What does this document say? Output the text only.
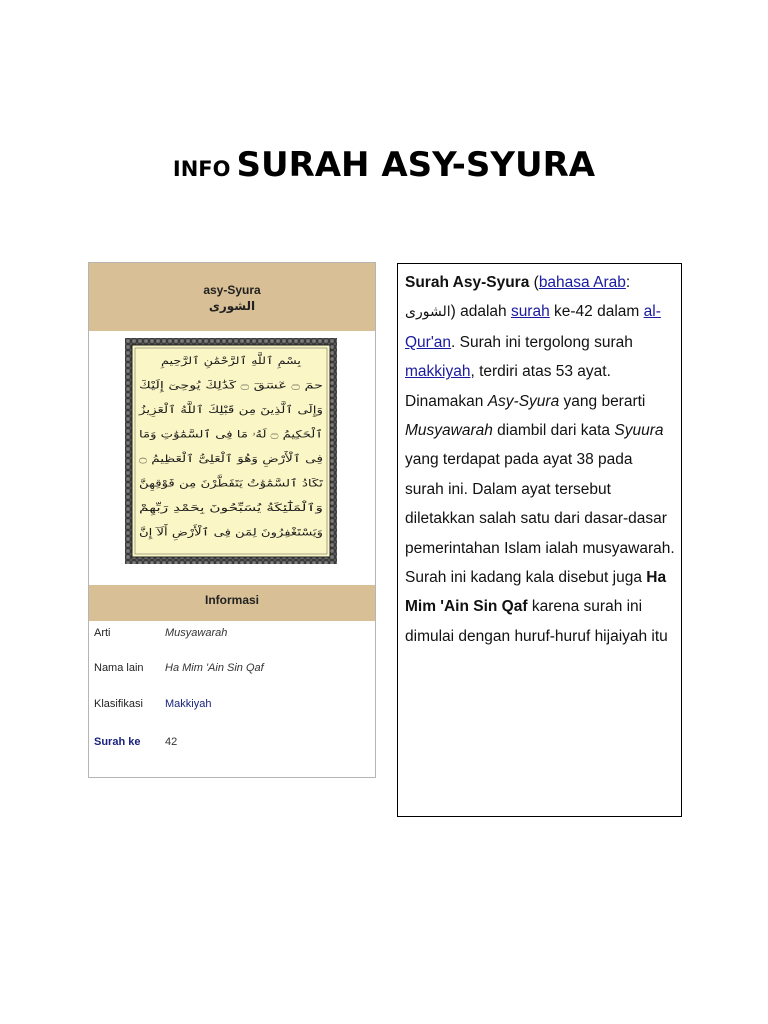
INFO SURAH ASY-SYURA
asy-Syura
الشورى
بِسْمِ ٱللَّهِ ٱلرَّحْمَٰنِ ٱلرَّحِيمِ
حمٓ ۝ عٓسٓقٓ ۝ كَذَٰلِكَ يُوحِىٓ إِلَيْكَ
وَإِلَى ٱلَّذِينَ مِن قَبْلِكَ ٱللَّهُ ٱلْعَزِيزُ
ٱلْحَكِيمُ ۝ لَهُۥ مَا فِى ٱلسَّمَٰوَٰتِ وَمَا
فِى ٱلْأَرْضِ وَهُوَ ٱلْعَلِىُّ ٱلْعَظِيمُ ۝
تَكَادُ ٱلسَّمَٰوَٰتُ يَتَفَطَّرْنَ مِن فَوْقِهِنَّ
وَٱلْمَلَٰٓئِكَةُ يُسَبِّحُونَ بِحَمْدِ رَبِّهِمْ
وَيَسْتَغْفِرُونَ لِمَن فِى ٱلْأَرْضِ أَلَآ إِنَّ
Informasi
Arti	Musyawarah
Nama lain Ha Mim 'Ain Sin Qaf
Klasifikasi Makkiyah
Surah ke 42
Surah Asy-Syura (bahasa Arab: الشورى) adalah surah ke-42 dalam al-Qur'an. Surah ini tergolong surah makkiyah, terdiri atas 53 ayat. Dinamakan Asy-Syura yang berarti Musyawarah diambil dari kata Syuura yang terdapat pada ayat 38 pada surah ini. Dalam ayat tersebut diletakkan salah satu dari dasar-dasar pemerintahan Islam ialah musyawarah. Surah ini kadang kala disebut juga Ha Mim 'Ain Sin Qaf karena surah ini dimulai dengan huruf-huruf hijaiyah itu
